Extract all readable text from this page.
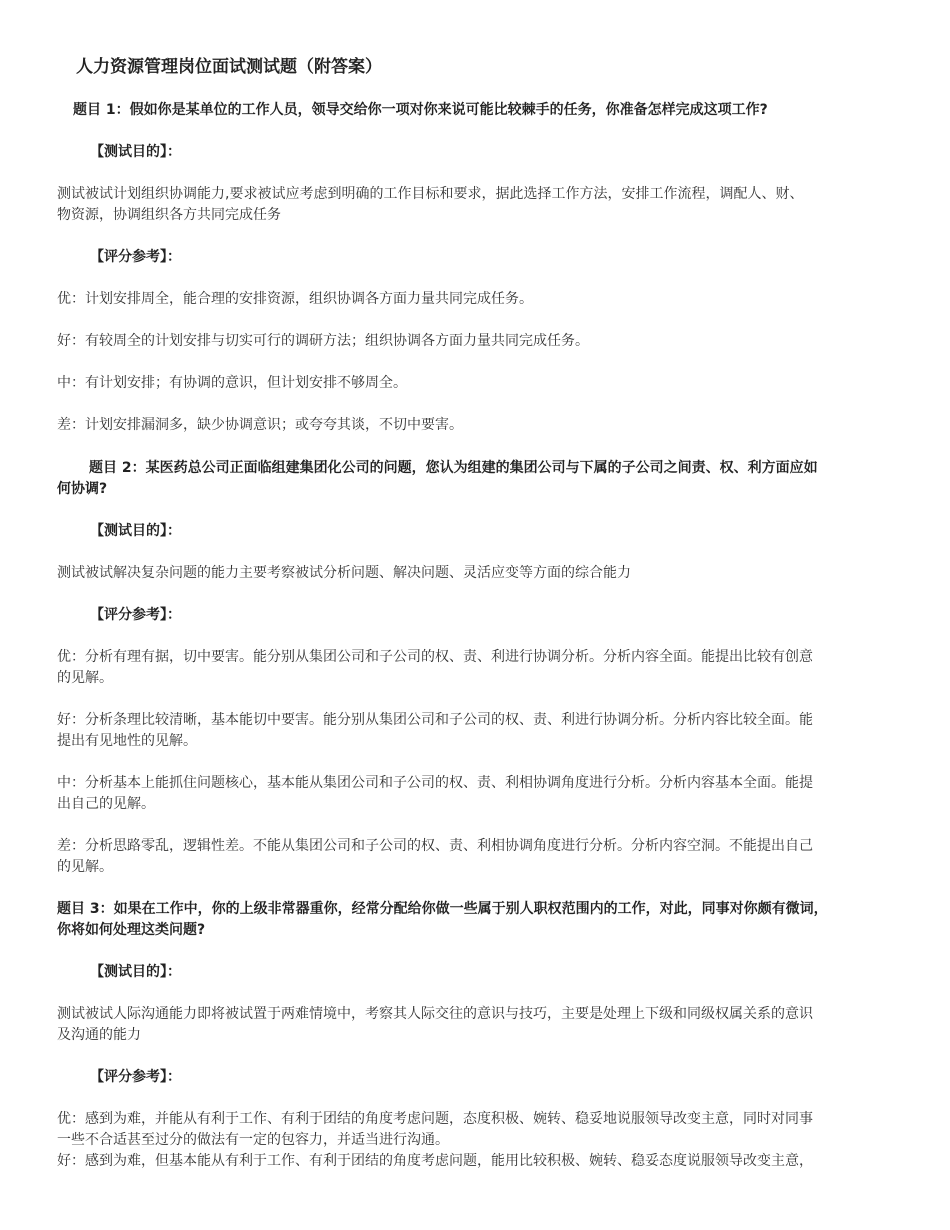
人力资源管理岗位面试测试题（附答案）
题目 1：假如你是某单位的工作人员，领导交给你一项对你来说可能比较棘手的任务，你准备怎样完成这项工作?
【测试目的】：
测试被试计划组织协调能力,要求被试应考虑到明确的工作目标和要求，据此选择工作方法，安排工作流程，调配人、财、
物资源，协调组织各方共同完成任务
【评分参考】：
优：计划安排周全，能合理的安排资源，组织协调各方面力量共同完成任务。
好：有较周全的计划安排与切实可行的调研方法；组织协调各方面力量共同完成任务。
中：有计划安排；有协调的意识，但计划安排不够周全。
差：计划安排漏洞多，缺少协调意识；或夸夸其谈，不切中要害。
题目 2：某医药总公司正面临组建集团化公司的问题，您认为组建的集团公司与下属的子公司之间责、权、利方面应如
何协调?
【测试目的】：
测试被试解决复杂问题的能力主要考察被试分析问题、解决问题、灵活应变等方面的综合能力
【评分参考】：
优：分析有理有据，切中要害。能分别从集团公司和子公司的权、责、利进行协调分析。分析内容全面。能提出比较有创意
的见解。
好：分析条理比较清晰，基本能切中要害。能分别从集团公司和子公司的权、责、利进行协调分析。分析内容比较全面。能
提出有见地性的见解。
中：分析基本上能抓住问题核心，基本能从集团公司和子公司的权、责、利相协调角度进行分析。分析内容基本全面。能提
出自己的见解。
差：分析思路零乱，逻辑性差。不能从集团公司和子公司的权、责、利相协调角度进行分析。分析内容空洞。不能提出自己
的见解。
题目 3：如果在工作中，你的上级非常器重你，经常分配给你做一些属于别人职权范围内的工作，对此，同事对你颇有微词，
你将如何处理这类问题?
【测试目的】：
测试被试人际沟通能力即将被试置于两难情境中，考察其人际交往的意识与技巧，主要是处理上下级和同级权属关系的意识
及沟通的能力
【评分参考】：
优：感到为难，并能从有利于工作、有利于团结的角度考虑问题，态度积极、婉转、稳妥地说服领导改变主意，同时对同事
一些不合适甚至过分的做法有一定的包容力，并适当进行沟通。
好：感到为难，但基本能从有利于工作、有利于团结的角度考虑问题，能用比较积极、婉转、稳妥态度说服领导改变主意，
